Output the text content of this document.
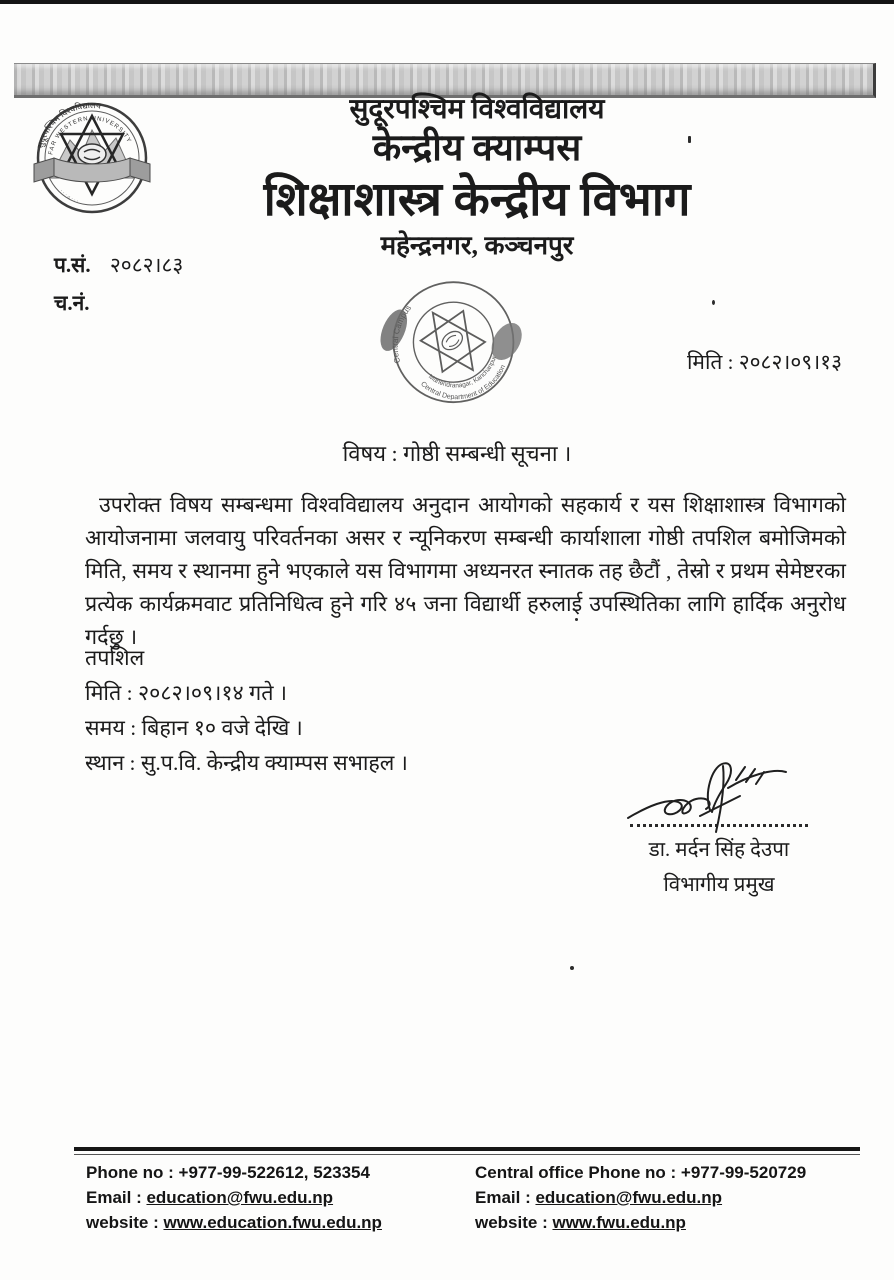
सुदूरपश्चिम विश्वविद्यालय
FAR WESTERN UNIVERSITY
· · · ۞ · · ·
सुदूरपश्चिम विश्वविद्यालय
केन्द्रीय क्याम्पस
शिक्षाशास्त्र केन्द्रीय विभाग
महेन्द्रनगर, कञ्चनपुर
प.सं. २०८२।८३
च.नं.
Central Campus
Central Department of Education
Mahendranagar, Kanchanpur	मिति : २०८२।०९।१३
विषय : गोष्ठी सम्बन्धी सूचना ।
उपरोक्त विषय सम्बन्धमा विश्वविद्यालय अनुदान आयोगको सहकार्य र यस शिक्षाशास्त्र विभागको आयोजनामा जलवायु परिवर्तनका असर र न्यूनिकरण सम्बन्धी कार्याशाला गोष्ठी तपशिल बमोजिमको मिति, समय र स्थानमा हुने भएकाले यस विभागमा अध्यनरत स्नातक तह छैटौं , तेस्रो र प्रथम सेमेष्टरका प्रत्येक कार्यक्रमवाट प्रतिनिधित्व हुने गरि ४५ जना विद्यार्थी हरुलाई उपस्थितिका लागि हार्दिक अनुरोध गर्दछु ।
तपशिल
मिति : २०८२।०९।१४ गते ।
समय : बिहान १० वजे देखि ।
स्थान : सु.प.वि. केन्द्रीय क्याम्पस सभाहल ।
डा. मर्दन सिंह देउपा
विभागीय प्रमुख
Phone no : +977-99-522612, 523354
Email : education@fwu.edu.np
website : www.education.fwu.edu.np
Central office Phone no : +977-99-520729
Email : education@fwu.edu.np
website : www.fwu.edu.np
